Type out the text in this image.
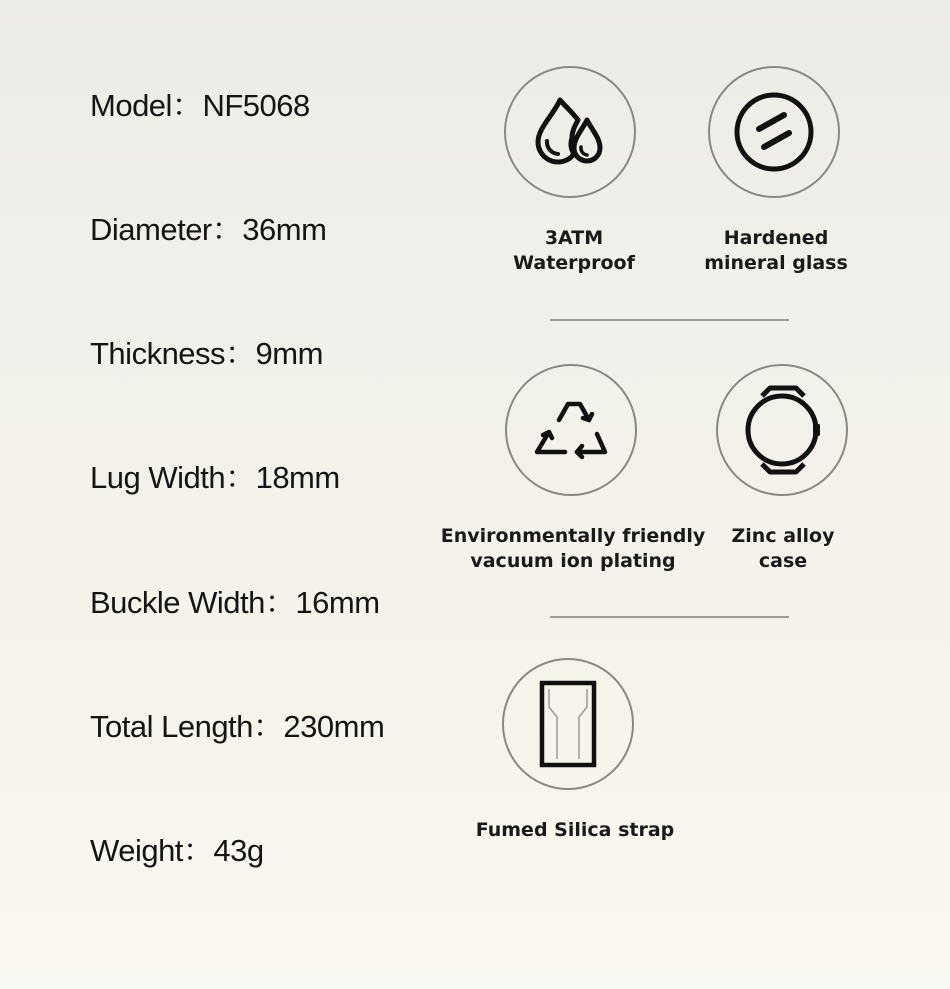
Model：NF5068
Diameter：36mm
Thickness：9mm
Lug Width：18mm
Buckle Width：16mm
Total Length：230mm
Weight：43g
3ATM
Waterproof
Hardened
mineral glass
Environmentally friendly
vacuum ion plating
Zinc alloy
case
Fumed Silica strap
